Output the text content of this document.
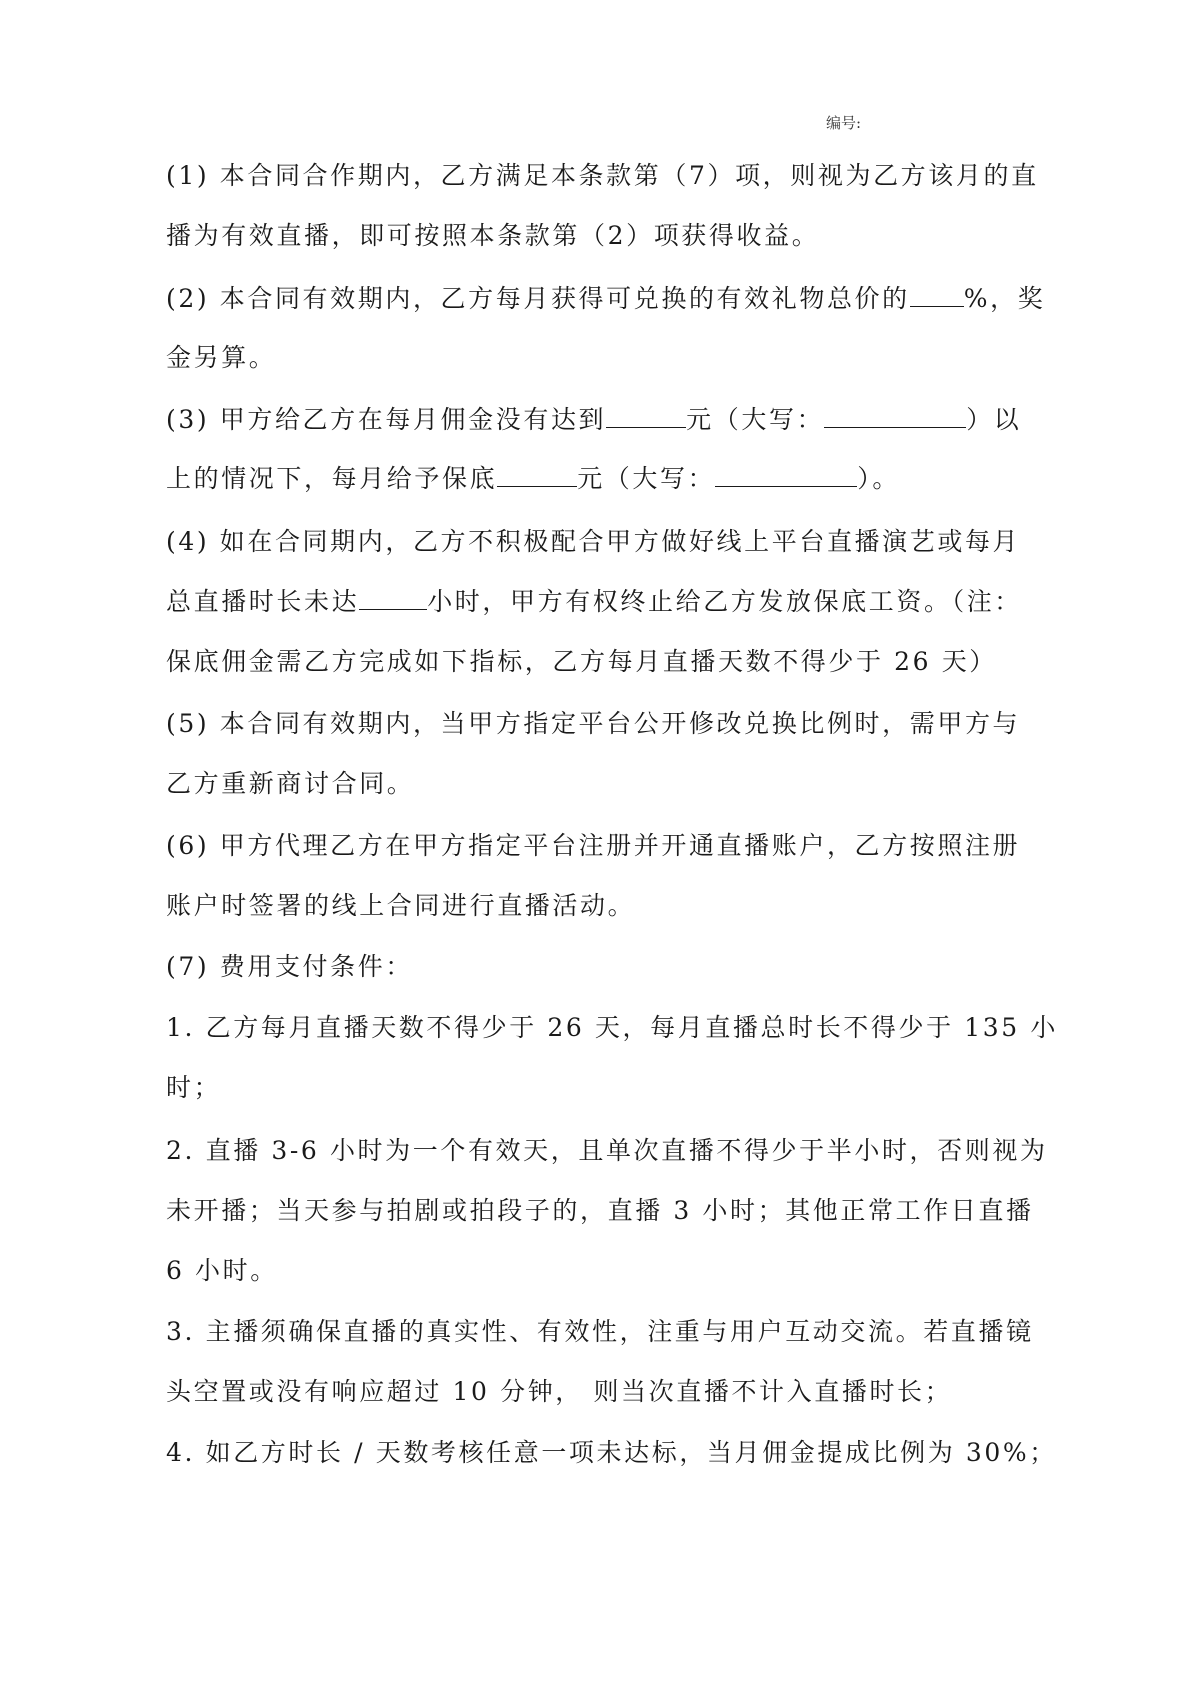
编号:
(1) 本合同合作期内，乙方满足本条款第（7）项，则视为乙方该月的直
播为有效直播，即可按照本条款第（2）项获得收益。
(2) 本合同有效期内，乙方每月获得可兑换的有效礼物总价的 %，奖
金另算。
(3) 甲方给乙方在每月佣金没有达到	元（大写：	）以
上的情况下，每月给予保底	元（大写：	）。
(4) 如在合同期内，乙方不积极配合甲方做好线上平台直播演艺或每月
总直播时长未达	小时，甲方有权终止给乙方发放保底工资。（注：
保底佣金需乙方完成如下指标，乙方每月直播天数不得少于 26 天）
(5) 本合同有效期内，当甲方指定平台公开修改兑换比例时，需甲方与
乙方重新商讨合同。
(6) 甲方代理乙方在甲方指定平台注册并开通直播账户，乙方按照注册
账户时签署的线上合同进行直播活动。
(7) 费用支付条件：
1. 乙方每月直播天数不得少于 26 天，每月直播总时长不得少于 135 小
时；
2. 直播 3-6 小时为一个有效天，且单次直播不得少于半小时，否则视为
未开播；当天参与拍剧或拍段子的，直播 3 小时；其他正常工作日直播
6 小时。
3. 主播须确保直播的真实性、有效性，注重与用户互动交流。若直播镜
头空置或没有响应超过 10 分钟， 则当次直播不计入直播时长；
4. 如乙方时长 / 天数考核任意一项未达标，当月佣金提成比例为 30%；
